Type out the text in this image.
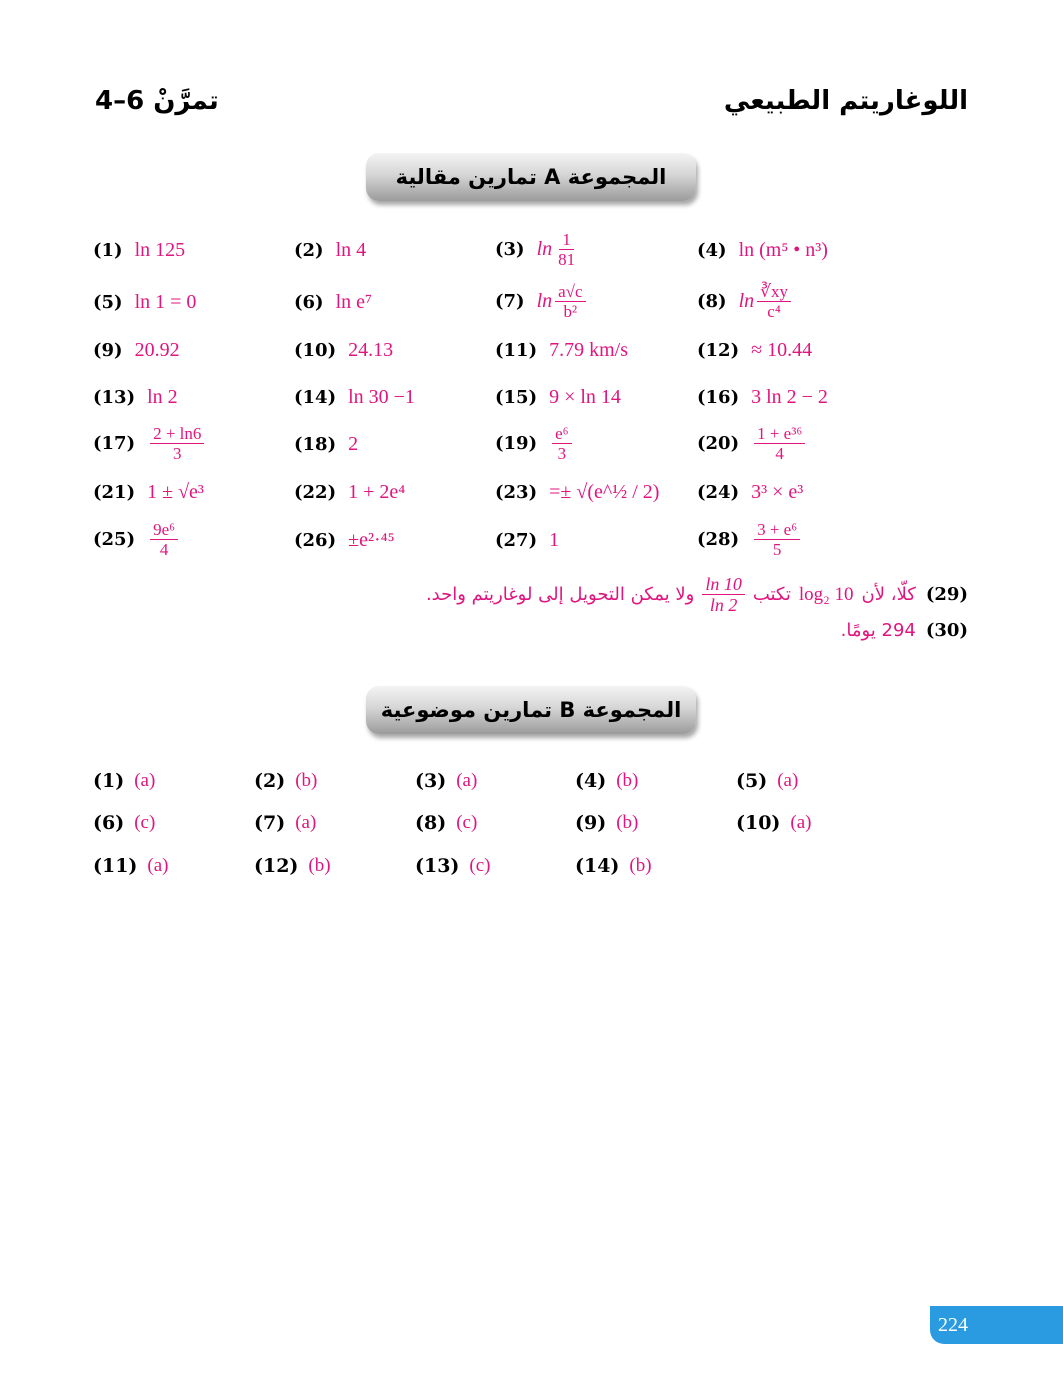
اللوغاريتم الطبيعي
تمرَّنْ 6–4
المجموعة A تمارين مقالية
(1) ln 125	(2) ln 4	(3) $\ln \frac{1}{81}$	(4) ln (m⁵ • n³)
(5) ln 1 = 0	(6) ln e⁷	(7) $\ln \frac{a√c}{\text{b²}}$	(8) $\ln \frac{∛xy}{\text{c⁴}}$
(9) 20.92	(10) 24.13	(11) 7.79 km/s	(12) ≈ 10.44
(13) ln 2	(14) ln 30 −1	(15) 9 × ln 14	(16) 3 ln 2 − 2
$(17) \frac{2 + \ln 6}{3}$	(18) 2	$(19) \frac{\text{e⁶}}{3}$	$(20) \frac{\text{1 + e³⁶}}{4}$
(21) 1 ± √e³	(22) 1 + 2e⁴	(23) =± √(e^½ / 2) (24) 3³ × e³
$(25) \frac{\text{9e⁶}}{4}$	(26) ±e²·⁴⁵	(27) 1	$(28) \frac{\text{3 + e⁶}}{5}$
(29)
كلّا، لأن
log₂ 10
تكتب
$\frac{\ln 10}{\ln 2}$
ولا يمكن التحويل إلى لوغاريتم واحد.
(30)
294 يومًا.
المجموعة B تمارين موضوعية
(1) (a)	(2) (b)	(3) (a)	(4) (b)	(5) (a)
(6) (c)	(7) (a)	(8) (c)	(9) (b)	(10) (a)
(11) (a)	(12) (b)	(13) (c)	(14) (b)
224
